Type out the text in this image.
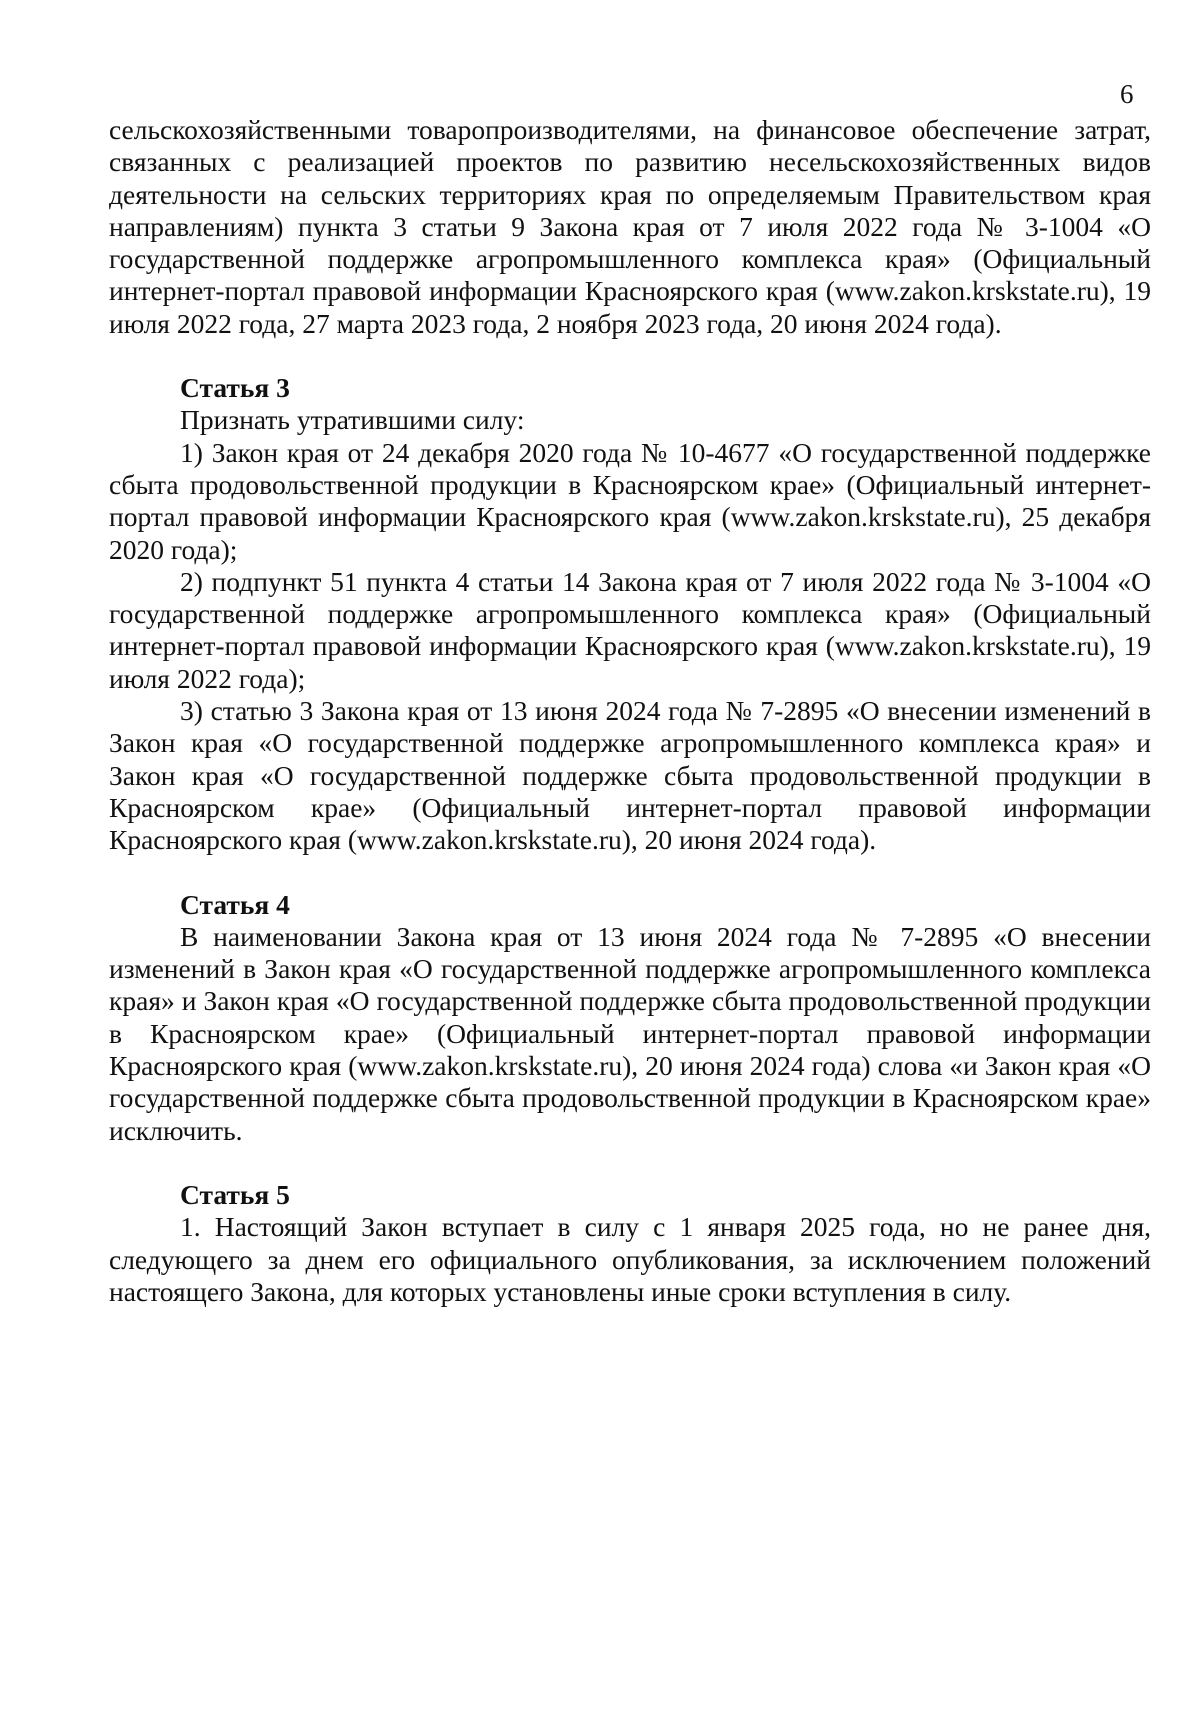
6

сельскохозяйственными товаропроизводителями, на финансовое обеспечение затрат, связанных с реализацией проектов по развитию несельскохозяйственных видов деятельности на сельских территориях края по определяемым Правительством края направлениям) пункта 3 статьи 9 Закона края от 7 июля 2022 года № 3-1004 «О государственной поддержке агропромышленного комплекса края» (Официальный интернет-портал правовой информации Красноярского края (www.zakon.krskstate.ru), 19 июля 2022 года, 27 марта 2023 года, 2 ноября 2023 года, 20 июня 2024 года).

Статья 3

Признать утратившими силу:

1) Закон края от 24 декабря 2020 года № 10-4677 «О государственной поддержке сбыта продовольственной продукции в Красноярском крае» (Официальный интернет-портал правовой информации Красноярского края (www.zakon.krskstate.ru), 25 декабря 2020 года);

2) подпункт 51 пункта 4 статьи 14 Закона края от 7 июля 2022 года № 3-1004 «О государственной поддержке агропромышленного комплекса края» (Официальный интернет-портал правовой информации Красноярского края (www.zakon.krskstate.ru), 19 июля 2022 года);

3) статью 3 Закона края от 13 июня 2024 года № 7-2895 «О внесении изменений в Закон края «О государственной поддержке агропромышленного комплекса края» и Закон края «О государственной поддержке сбыта продовольственной продукции в Красноярском крае» (Официальный интернет-портал правовой информации Красноярского края (www.zakon.krskstate.ru), 20 июня 2024 года).

Статья 4

В наименовании Закона края от 13 июня 2024 года № 7-2895 «О внесении изменений в Закон края «О государственной поддержке агропромышленного комплекса края» и Закон края «О государственной поддержке сбыта продовольственной продукции в Красноярском крае» (Официальный интернет-портал правовой информации Красноярского края (www.zakon.krskstate.ru), 20 июня 2024 года) слова «и Закон края «О государственной поддержке сбыта продовольственной продукции в Красноярском крае» исключить.

Статья 5

1. Настоящий Закон вступает в силу с 1 января 2025 года, но не ранее дня, следующего за днем его официального опубликования, за исключением положений настоящего Закона, для которых установлены иные сроки вступления в силу.
